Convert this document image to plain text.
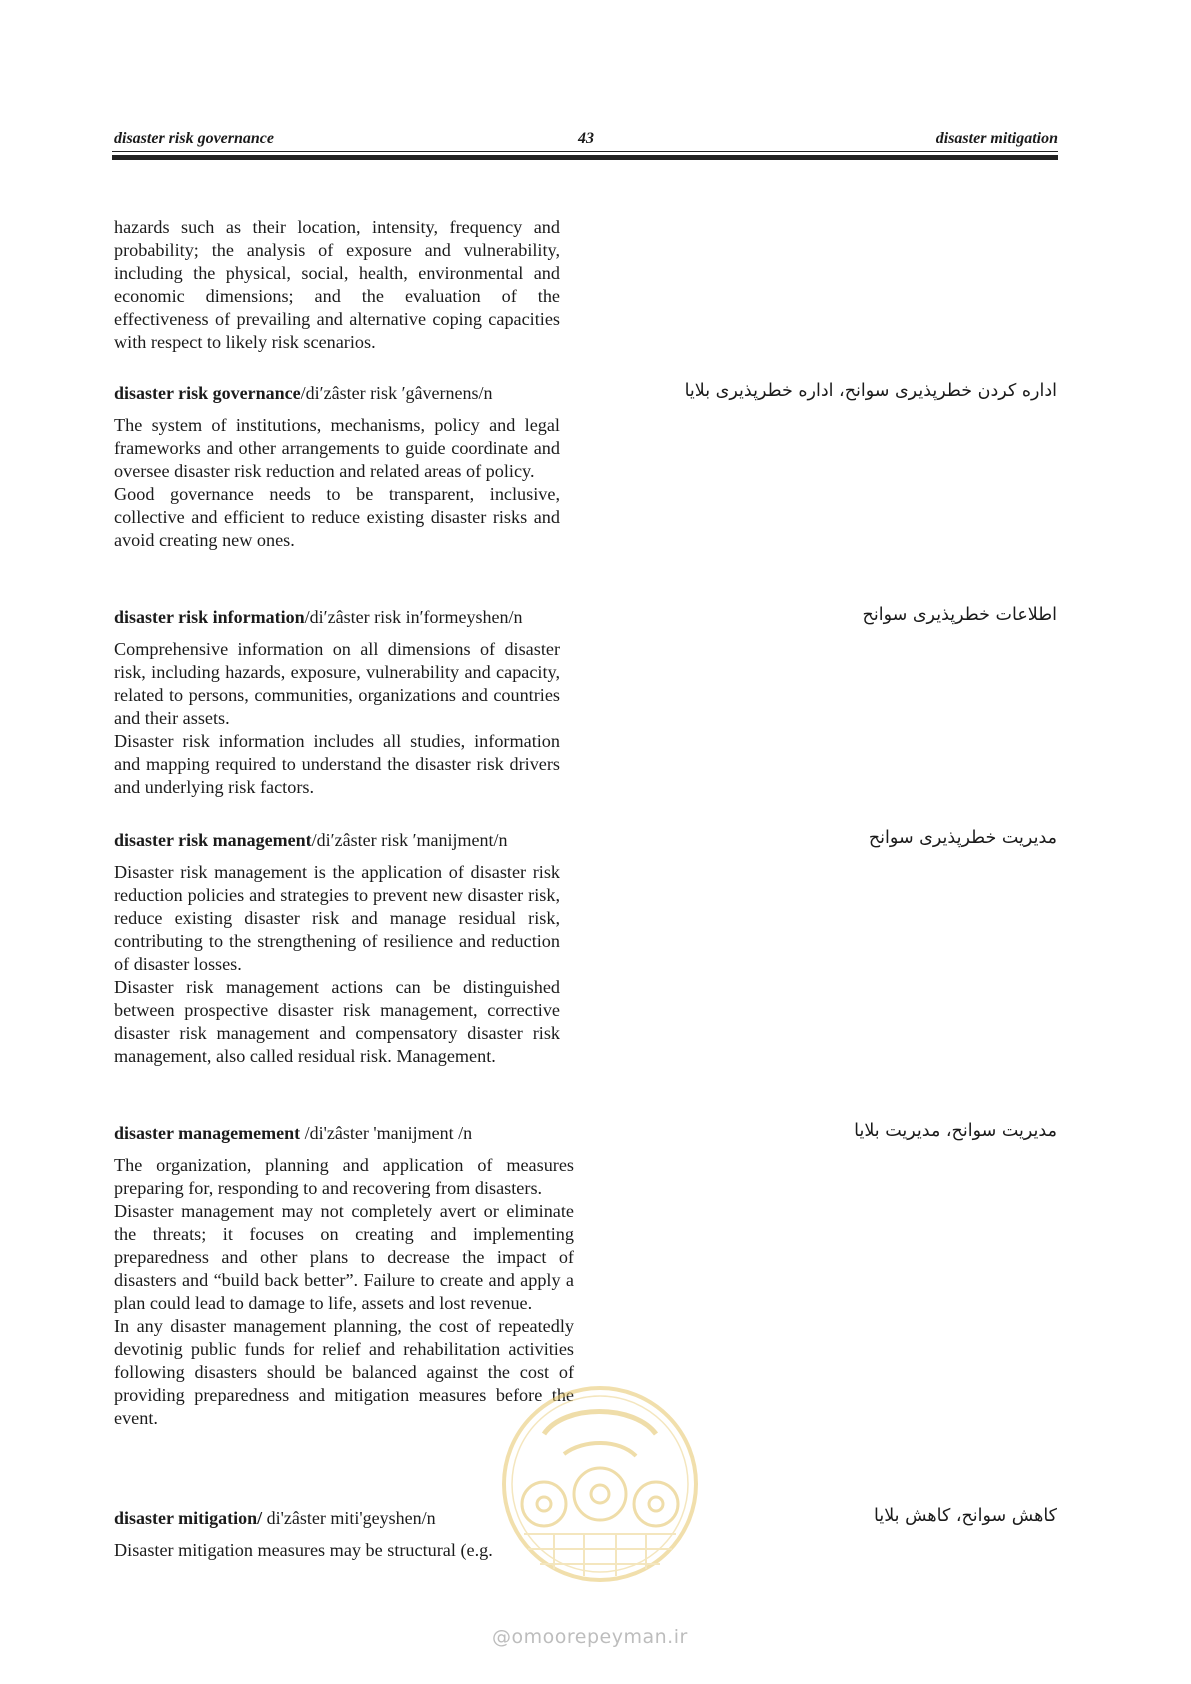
disaster risk governance	43	disaster mitigation

hazards such as their location, intensity, frequency and probability; the analysis of exposure and vulnerability, including the physical, social, health, environmental and economic dimensions; and the evaluation of the effectiveness of prevailing and alternative coping capacities with respect to likely risk scenarios.

disaster risk governance/di′zâster risk ′gâvernens/n	اداره کردن خطرپذیری سوانح، اداره خطرپذیری بلایا

The system of institutions, mechanisms, policy and legal frameworks and other arrangements to guide coordinate and oversee disaster risk reduction and related areas of policy.

Good governance needs to be transparent, inclusive, collective and efficient to reduce existing disaster risks and avoid creating new ones.

disaster risk information/di′zâster risk in′formeyshen/n	اطلاعات خطرپذیری سوانح

Comprehensive information on all dimensions of disaster risk, including hazards, exposure, vulnerability and capacity, related to persons, communities, organizations and countries and their assets.

Disaster risk information includes all studies, information and mapping required to understand the disaster risk drivers and underlying risk factors.

disaster risk management/di′zâster risk ′manijment/n	مدیریت خطرپذیری سوانح

Disaster risk management is the application of disaster risk reduction policies and strategies to prevent new disaster risk, reduce existing disaster risk and manage residual risk, contributing to the strengthening of resilience and reduction of disaster losses.

Disaster risk management actions can be distinguished between prospective disaster risk management, corrective disaster risk management and compensatory disaster risk management, also called residual risk. Management.

disaster managemement /di'zâster 'manijment /n	مدیریت سوانح، مدیریت بلایا

The organization, planning and application of measures preparing for, responding to and recovering from disasters.

Disaster management may not completely avert or eliminate the threats; it focuses on creating and implementing preparedness and other plans to decrease the impact of disasters and “build back better”. Failure to create and apply a plan could lead to damage to life, assets and lost revenue.

In any disaster management planning, the cost of repeatedly devotinig public funds for relief and rehabilitation activities following disasters should be balanced against the cost of providing preparedness and mitigation measures before the event.

disaster mitigation/ di'zâster miti'geyshen/n	کاهش سوانح، کاهش بلایا

Disaster mitigation measures may be structural (e.g.

@omoorepeyman.ir
